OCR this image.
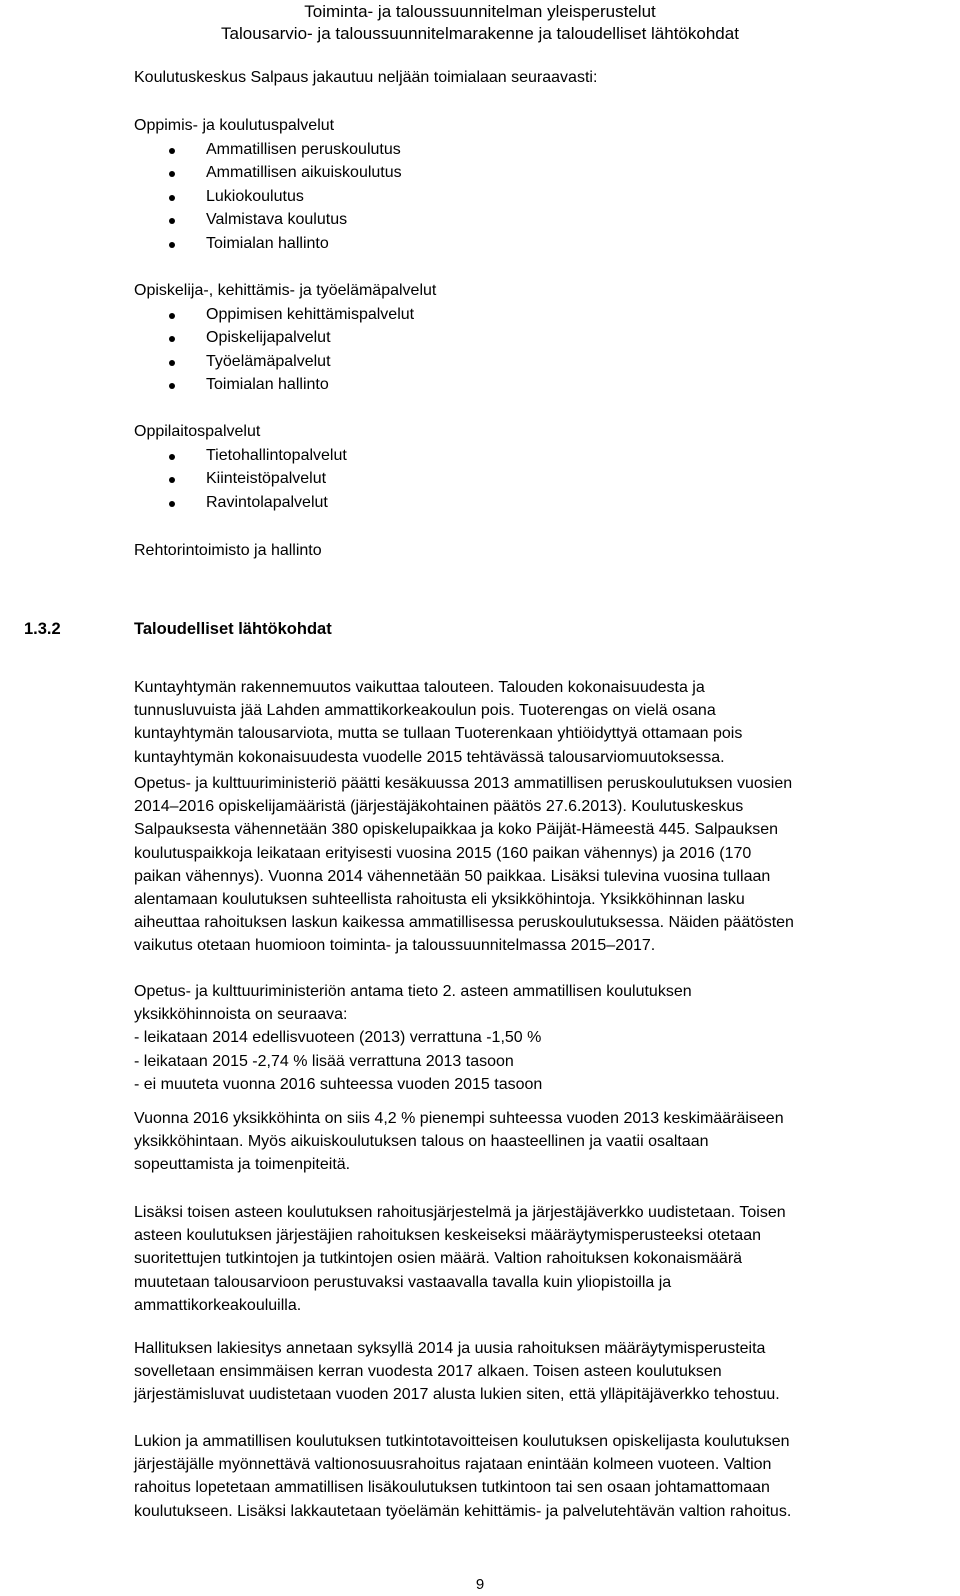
Toiminta- ja taloussuunnitelman yleisperustelut
Talousarvio- ja taloussuunnitelmarakenne ja taloudelliset lähtökohdat
Koulutuskeskus Salpaus jakautuu neljään toimialaan seuraavasti:
Oppimis- ja koulutuspalvelut
Ammatillisen peruskoulutus
Ammatillisen aikuiskoulutus
Lukiokoulutus
Valmistava koulutus
Toimialan hallinto
Opiskelija-, kehittämis- ja työelämäpalvelut
Oppimisen kehittämispalvelut
Opiskelijapalvelut
Työelämäpalvelut
Toimialan hallinto
Oppilaitospalvelut
Tietohallintopalvelut
Kiinteistöpalvelut
Ravintolapalvelut
Rehtorintoimisto ja hallinto
1.3.2	Taloudelliset lähtökohdat

Kuntayhtymän rakennemuutos vaikuttaa talouteen. Talouden kokonaisuudesta ja
tunnusluvuista jää Lahden ammattikorkeakoulun pois. Tuoterengas on vielä osana
kuntayhtymän talousarviota, mutta se tullaan Tuoterenkaan yhtiöidyttyä ottamaan pois
kuntayhtymän kokonaisuudesta vuodelle 2015 tehtävässä talousarviomuutoksessa.

Opetus- ja kulttuuriministeriö päätti kesäkuussa 2013 ammatillisen peruskoulutuksen vuosien
2014–2016 opiskelijamääristä (järjestäjäkohtainen päätös 27.6.2013). Koulutuskeskus
Salpauksesta vähennetään 380 opiskelupaikkaa ja koko Päijät-Hämeestä 445. Salpauksen
koulutuspaikkoja leikataan erityisesti vuosina 2015 (160 paikan vähennys) ja 2016 (170
paikan vähennys). Vuonna 2014 vähennetään 50 paikkaa. Lisäksi tulevina vuosina tullaan
alentamaan koulutuksen suhteellista rahoitusta eli yksikköhintoja. Yksikköhinnan lasku
aiheuttaa rahoituksen laskun kaikessa ammatillisessa peruskoulutuksessa. Näiden päätösten
vaikutus otetaan huomioon toiminta- ja taloussuunnitelmassa 2015–2017.
Opetus- ja kulttuuriministeriön antama tieto 2. asteen ammatillisen koulutuksen
yksikköhinnoista on seuraava:
- leikataan 2014 edellisvuoteen (2013) verrattuna -1,50 %
- leikataan 2015 -2,74 % lisää verrattuna 2013 tasoon
- ei muuteta vuonna 2016 suhteessa vuoden 2015 tasoon
Vuonna 2016 yksikköhinta on siis 4,2 % pienempi suhteessa vuoden 2013 keskimääräiseen
yksikköhintaan. Myös aikuiskoulutuksen talous on haasteellinen ja vaatii osaltaan
sopeuttamista ja toimenpiteitä.
Lisäksi toisen asteen koulutuksen rahoitusjärjestelmä ja järjestäjäverkko uudistetaan. Toisen
asteen koulutuksen järjestäjien rahoituksen keskeiseksi määräytymisperusteeksi otetaan
suoritettujen tutkintojen ja tutkintojen osien määrä. Valtion rahoituksen kokonaismäärä
muutetaan talousarvioon perustuvaksi vastaavalla tavalla kuin yliopistoilla ja
ammattikorkeakouluilla.
Hallituksen lakiesitys annetaan syksyllä 2014 ja uusia rahoituksen määräytymisperusteita
sovelletaan ensimmäisen kerran vuodesta 2017 alkaen. Toisen asteen koulutuksen
järjestämisluvat uudistetaan vuoden 2017 alusta lukien siten, että ylläpitäjäverkko tehostuu.
Lukion ja ammatillisen koulutuksen tutkintotavoitteisen koulutuksen opiskelijasta koulutuksen
järjestäjälle myönnettävä valtionosuusrahoitus rajataan enintään kolmeen vuoteen. Valtion
rahoitus lopetetaan ammatillisen lisäkoulutuksen tutkintoon tai sen osaan johtamattomaan
koulutukseen. Lisäksi lakkautetaan työelämän kehittämis- ja palvelutehtävän valtion rahoitus.
9
